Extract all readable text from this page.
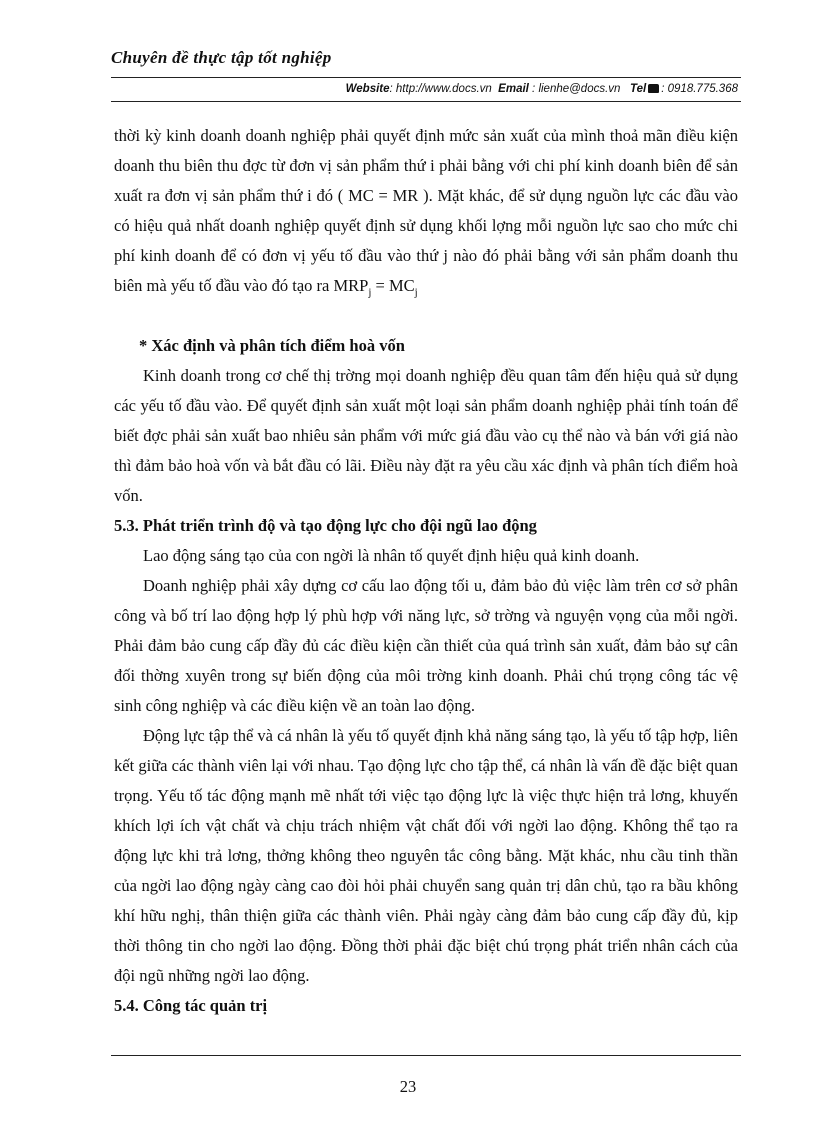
Chuyên đề thực tập tốt nghiệp
Website: http://www.docs.vn Email : lienhe@docs.vn Tel : 0918.775.368

thời kỳ kinh doanh doanh nghiệp phải quyết định mức sản xuất của mình thoả mãn điều kiện doanh thu biên thu đợc từ đơn vị sản phẩm thứ i phải bằng với chi phí kinh doanh biên để sản xuất ra đơn vị sản phẩm thứ i đó ( MC = MR ). Mặt khác, để sử dụng nguồn lực các đầu vào có hiệu quả nhất doanh nghiệp quyết định sử dụng khối lợng mỗi nguồn lực sao cho mức chi phí kinh doanh để có đơn vị yếu tố đầu vào thứ j nào đó phải bằng với sản phẩm doanh thu biên mà yếu tố đầu vào đó tạo ra $MRP_j = MC_j$

* Xác định và phân tích điểm hoà vốn

Kinh doanh trong cơ chế thị trờng mọi doanh nghiệp đều quan tâm đến hiệu quả sử dụng các yếu tố đầu vào. Để quyết định sản xuất một loại sản phẩm doanh nghiệp phải tính toán để biết đợc phải sản xuất bao nhiêu sản phẩm với mức giá đầu vào cụ thể nào và bán với giá nào thì đảm bảo hoà vốn và bắt đầu có lãi. Điều này đặt ra yêu cầu xác định và phân tích điểm hoà vốn.

5.3. Phát triển trình độ và tạo động lực cho đội ngũ lao động

Lao động sáng tạo của con ngời là nhân tố quyết định hiệu quả kinh doanh.

Doanh nghiệp phải xây dựng cơ cấu lao động tối u, đảm bảo đủ việc làm trên cơ sở phân công và bố trí lao động hợp lý phù hợp với năng lực, sở trờng và nguyện vọng của mỗi ngời. Phải đảm bảo cung cấp đầy đủ các điều kiện cần thiết của quá trình sản xuất, đảm bảo sự cân đối thờng xuyên trong sự biến động của môi trờng kinh doanh. Phải chú trọng công tác vệ sinh công nghiệp và các điều kiện về an toàn lao động.

Động lực tập thể và cá nhân là yếu tố quyết định khả năng sáng tạo, là yếu tố tập hợp, liên kết giữa các thành viên lại với nhau. Tạo động lực cho tập thể, cá nhân là vấn đề đặc biệt quan trọng. Yếu tố tác động mạnh mẽ nhất tới việc tạo động lực là việc thực hiện trả lơng, khuyến khích lợi ích vật chất và chịu trách nhiệm vật chất đối với ngời lao động. Không thể tạo ra động lực khi trả lơng, thởng không theo nguyên tắc công bằng. Mặt khác, nhu cầu tinh thần của ngời lao động ngày càng cao đòi hỏi phải chuyển sang quản trị dân chủ, tạo ra bầu không khí hữu nghị, thân thiện giữa các thành viên. Phải ngày càng đảm bảo cung cấp đầy đủ, kịp thời thông tin cho ngời lao động. Đồng thời phải đặc biệt chú trọng phát triển nhân cách của đội ngũ những ngời lao động.

5.4. Công tác quản trị

23
